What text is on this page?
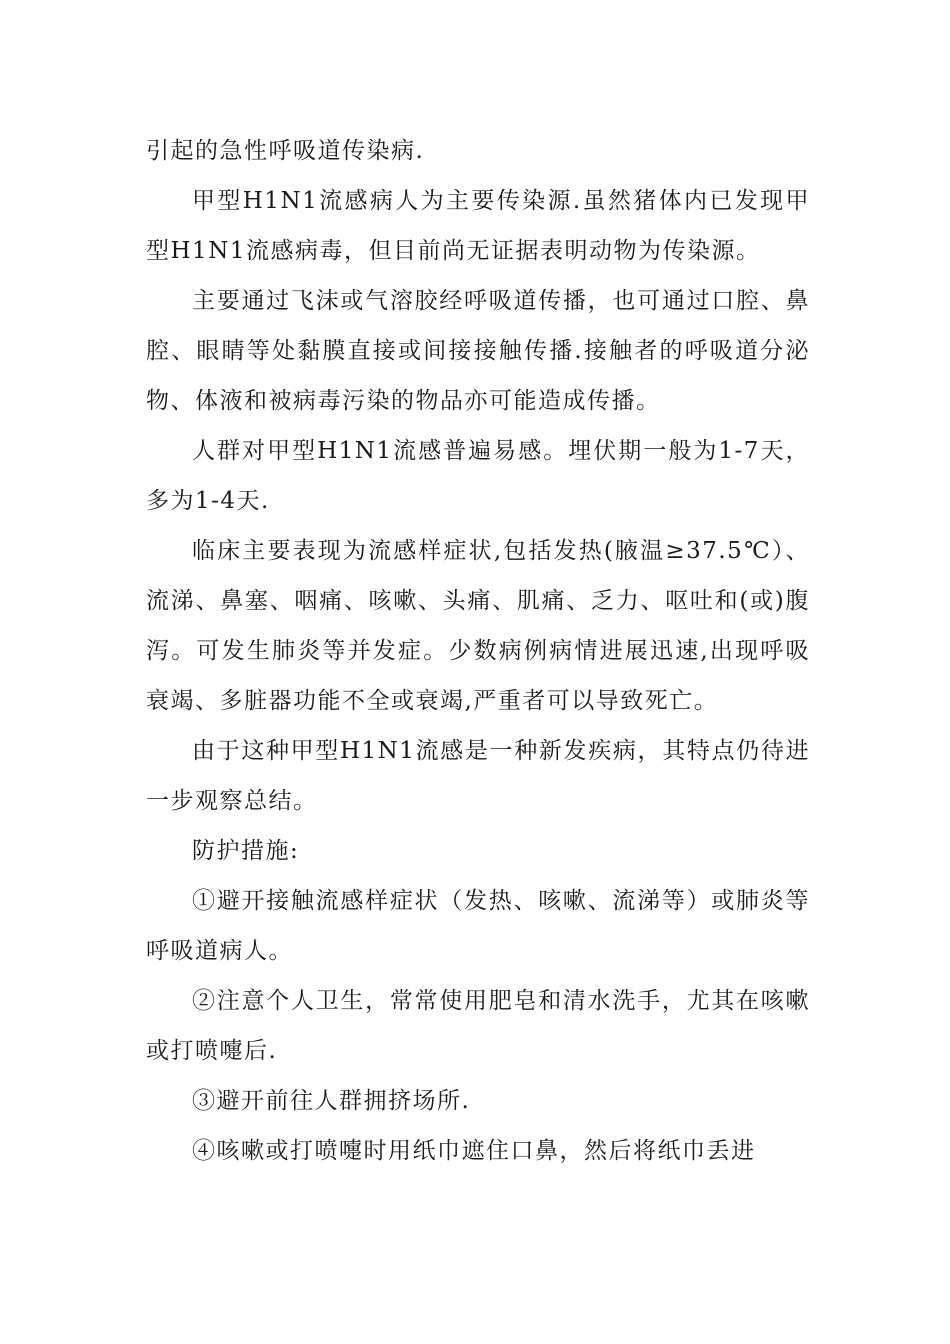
引起的急性呼吸道传染病.

甲型H1N1流感病人为主要传染源.虽然猪体内已发现甲型H1N1流感病毒，但目前尚无证据表明动物为传染源。

主要通过飞沫或气溶胶经呼吸道传播，也可通过口腔、鼻腔、眼睛等处黏膜直接或间接接触传播.接触者的呼吸道分泌物、体液和被病毒污染的物品亦可能造成传播。

人群对甲型H1N1流感普遍易感。埋伏期一般为1-7天，多为1-4天.

临床主要表现为流感样症状,包括发热(腋温≥37.5℃）、流涕、鼻塞、咽痛、咳嗽、头痛、肌痛、乏力、呕吐和(或)腹泻。可发生肺炎等并发症。少数病例病情进展迅速,出现呼吸衰竭、多脏器功能不全或衰竭,严重者可以导致死亡。

由于这种甲型H1N1流感是一种新发疾病，其特点仍待进一步观察总结。

防护措施:

①避开接触流感样症状（发热、咳嗽、流涕等）或肺炎等呼吸道病人。

②注意个人卫生，常常使用肥皂和清水洗手，尤其在咳嗽或打喷嚏后.

③避开前往人群拥挤场所.

④咳嗽或打喷嚏时用纸巾遮住口鼻，然后将纸巾丢进
